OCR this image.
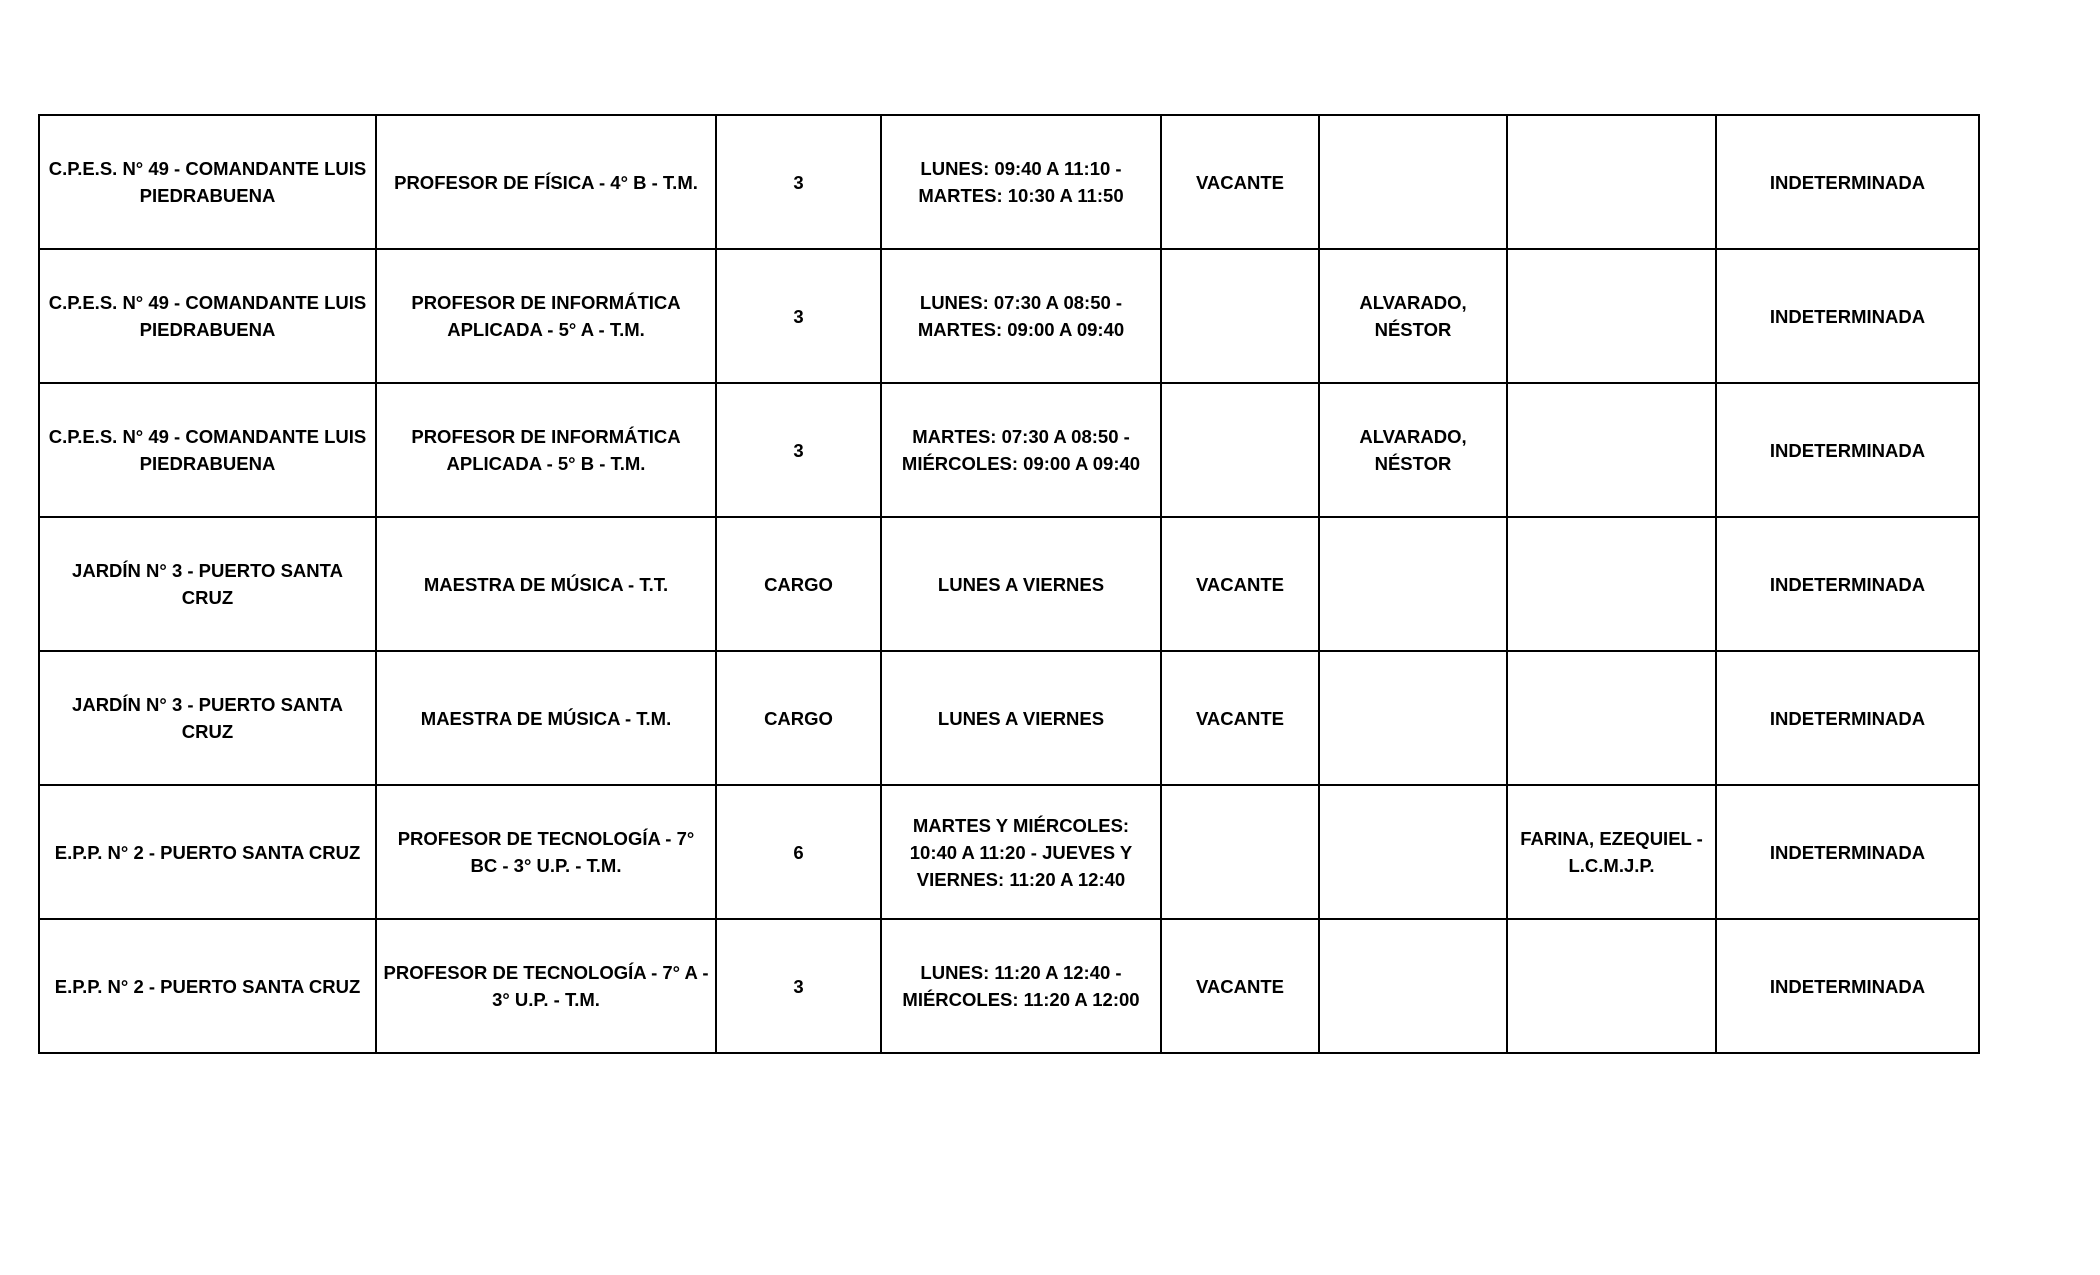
C.P.E.S. N° 49 - COMANDANTE LUIS PIEDRABUENA	PROFESOR DE FÍSICA - 4° B - T.M.	3	LUNES: 09:40 A 11:10 - MARTES: 10:30 A 11:50	VACANTE			INDETERMINADA
C.P.E.S. N° 49 - COMANDANTE LUIS PIEDRABUENA	PROFESOR DE INFORMÁTICA APLICADA - 5° A - T.M.	3	LUNES: 07:30 A 08:50 - MARTES: 09:00 A 09:40		ALVARADO, NÉSTOR		INDETERMINADA
C.P.E.S. N° 49 - COMANDANTE LUIS PIEDRABUENA	PROFESOR DE INFORMÁTICA APLICADA - 5° B - T.M.	3	MARTES: 07:30 A 08:50 - MIÉRCOLES: 09:00 A 09:40		ALVARADO, NÉSTOR		INDETERMINADA
JARDÍN N° 3 - PUERTO SANTA CRUZ	MAESTRA DE MÚSICA - T.T.	CARGO	LUNES A VIERNES	VACANTE			INDETERMINADA
JARDÍN N° 3 - PUERTO SANTA CRUZ	MAESTRA DE MÚSICA - T.M.	CARGO	LUNES A VIERNES	VACANTE			INDETERMINADA
E.P.P. N° 2 - PUERTO SANTA CRUZ	PROFESOR DE TECNOLOGÍA - 7° BC - 3° U.P. - T.M.	6	MARTES Y MIÉRCOLES: 10:40 A 11:20 - JUEVES Y VIERNES: 11:20 A 12:40			FARINA, EZEQUIEL - L.C.M.J.P.	INDETERMINADA
E.P.P. N° 2 - PUERTO SANTA CRUZ	PROFESOR DE TECNOLOGÍA - 7° A - 3° U.P. - T.M.	3	LUNES: 11:20 A 12:40 - MIÉRCOLES: 11:20 A 12:00	VACANTE			INDETERMINADA
